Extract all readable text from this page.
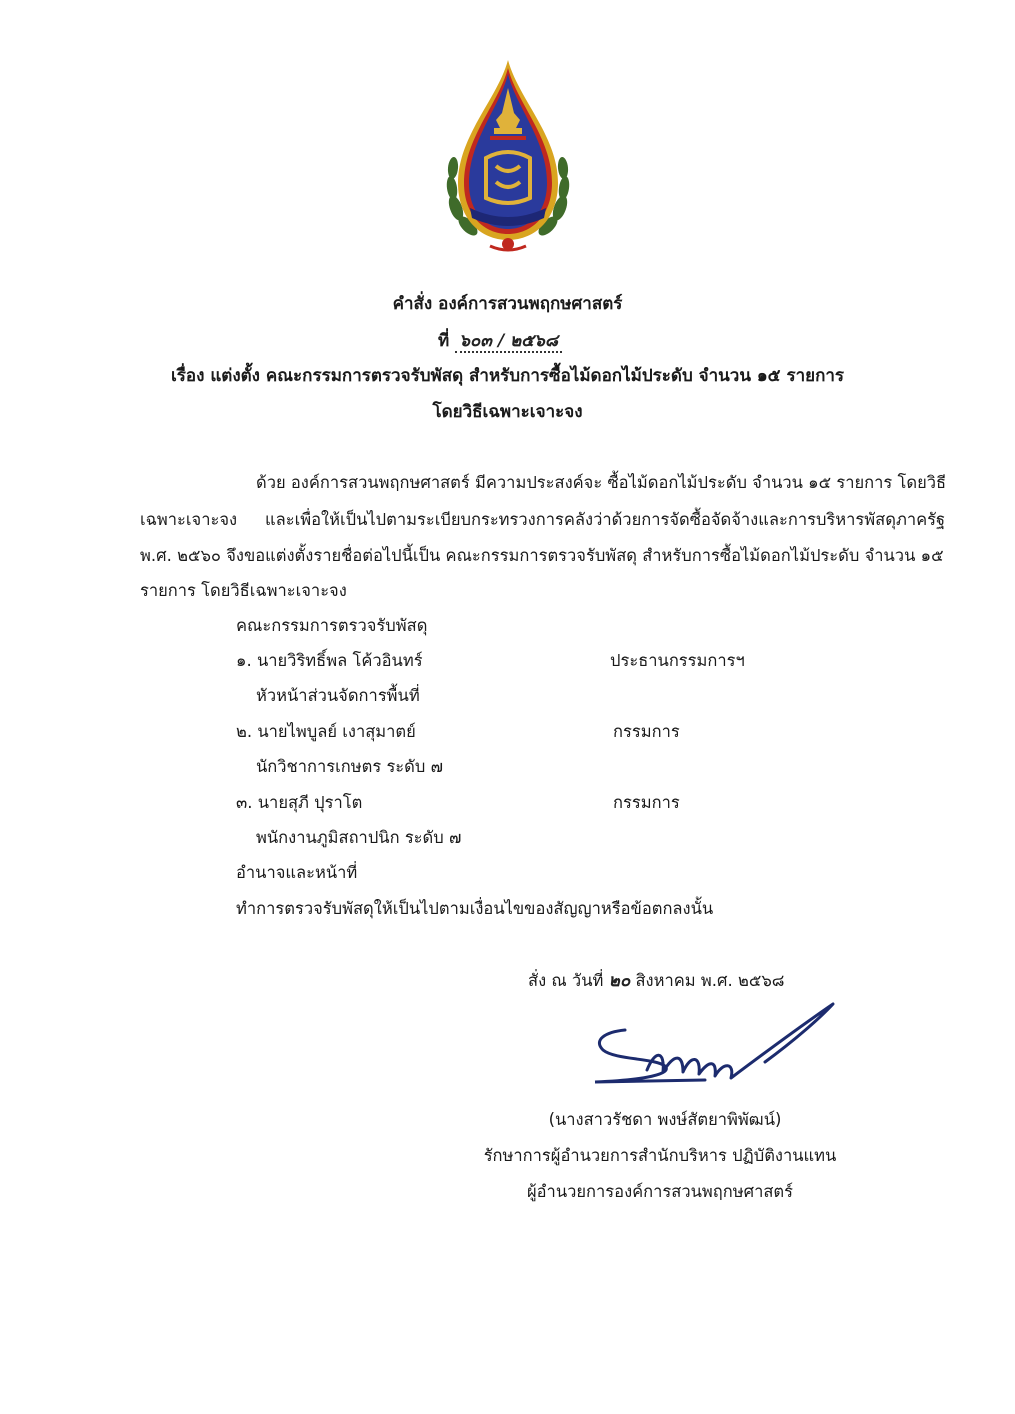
คำสั่ง องค์การสวนพฤกษศาสตร์
ที่ ๖๐๓ / ๒๕๖๘
เรื่อง แต่งตั้ง คณะกรรมการตรวจรับพัสดุ สำหรับการซื้อไม้ดอกไม้ประดับ จำนวน ๑๕ รายการ
โดยวิธีเฉพาะเจาะจง
ด้วย องค์การสวนพฤกษศาสตร์ มีความประสงค์จะ ซื้อไม้ดอกไม้ประดับ จำนวน ๑๕ รายการ โดยวิธี
เฉพาะเจาะจง และเพื่อให้เป็นไปตามระเบียบกระทรวงการคลังว่าด้วยการจัดซื้อจัดจ้างและการบริหารพัสดุภาครัฐ
พ.ศ. ๒๕๖๐ จึงขอแต่งตั้งรายชื่อต่อไปนี้เป็น คณะกรรมการตรวจรับพัสดุ สำหรับการซื้อไม้ดอกไม้ประดับ จำนวน ๑๕
รายการ โดยวิธีเฉพาะเจาะจง
คณะกรรมการตรวจรับพัสดุ
๑. นายวิริทธิ์พล โค้วอินทร์	ประธานกรรมการฯ
หัวหน้าส่วนจัดการพื้นที่
๒. นายไพบูลย์ เงาสุมาตย์	กรรมการ
นักวิชาการเกษตร ระดับ ๗
๓. นายสุภี ปุราโต	กรรมการ
พนักงานภูมิสถาปนิก ระดับ ๗
อำนาจและหน้าที่
ทำการตรวจรับพัสดุให้เป็นไปตามเงื่อนไขของสัญญาหรือข้อตกลงนั้น
สั่ง ณ วันที่ ๒๐ สิงหาคม พ.ศ. ๒๕๖๘
(นางสาวรัชดา พงษ์สัตยาพิพัฒน์)
รักษาการผู้อำนวยการสำนักบริหาร ปฏิบัติงานแทน
ผู้อำนวยการองค์การสวนพฤกษศาสตร์
